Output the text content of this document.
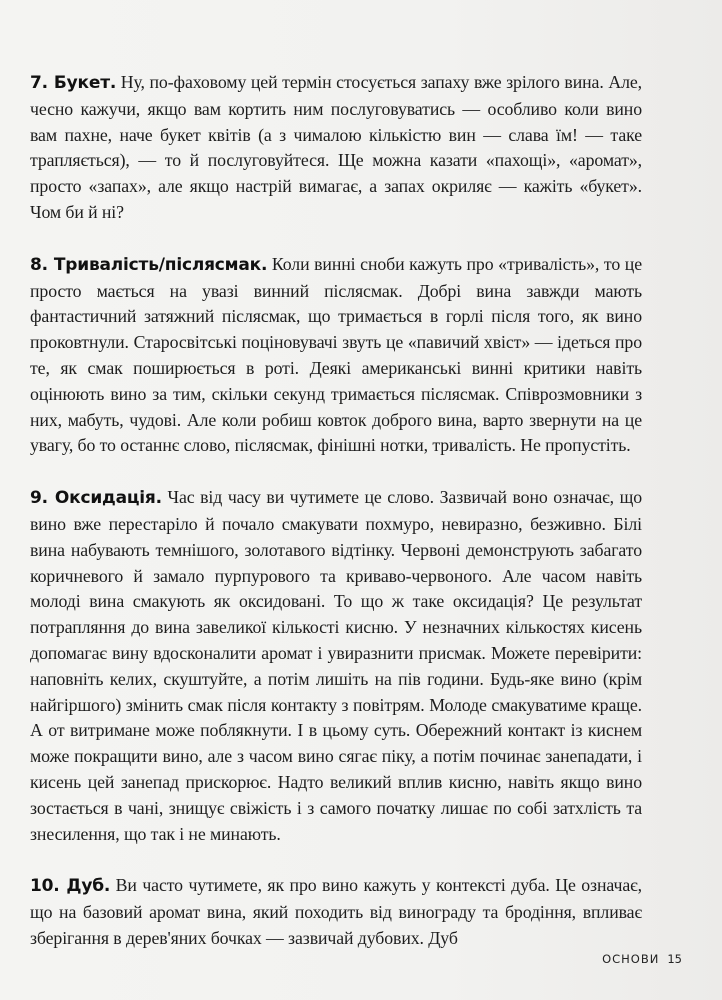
7. Букет. Ну, по-фаховому цей термін стосується запаху вже зрілого вина. Але, чесно кажучи, якщо вам кортить ним послуговуватись — особливо коли вино вам пахне, наче букет квітів (а з чималою кількістю вин — слава їм! — таке трапляється), — то й послуговуйтеся. Ще можна казати «пахощі», «аромат», просто «запах», але якщо настрій вимагає, а запах окриляє — кажіть «букет». Чом би й ні?

8. Тривалість/післясмак. Коли винні сноби кажуть про «тривалість», то це просто мається на увазі винний післясмак. Добрі вина завжди мають фантастичний затяжний післясмак, що тримається в горлі після того, як вино проковтнули. Старосвітські поціновувачі звуть це «павичий хвіст» — ідеться про те, як смак поширюється в роті. Деякі американські винні критики навіть оцінюють вино за тим, скільки секунд тримається післясмак. Співрозмовники з них, мабуть, чудові. Але коли робиш ковток доброго вина, варто звернути на це увагу, бо то останнє слово, післясмак, фінішні нотки, тривалість. Не пропустіть.

9. Оксидація. Час від часу ви чутимете це слово. Зазвичай воно означає, що вино вже перестаріло й почало смакувати похмуро, невиразно, безживно. Білі вина набувають темнішого, золотавого відтінку. Червоні демонструють забагато коричневого й замало пурпурового та криваво-червоного. Але часом навіть молоді вина смакують як оксидовані. То що ж таке оксидація? Це результат потрапляння до вина завеликої кількості кисню. У незначних кількостях кисень допомагає вину вдосконалити аромат і увиразнити присмак. Можете перевірити: наповніть келих, скуштуйте, а потім лишіть на пів години. Будь-яке вино (крім найгіршого) змінить смак після контакту з повітрям. Молоде смакуватиме краще. А от витримане може поблякнути. І в цьому суть. Обережний контакт із киснем може покращити вино, але з часом вино сягає піку, а потім починає занепадати, і кисень цей занепад прискорює. Надто великий вплив кисню, навіть якщо вино зостається в чані, знищує свіжість і з самого початку лишає по собі затхлість та знесилення, що так і не минають.

10. Дуб. Ви часто чутимете, як про вино кажуть у контексті дуба. Це означає, що на базовий аромат вина, який походить від винограду та бродіння, впливає зберігання в дерев'яних бочках — зазвичай дубових. Дуб

ОСНОВИ 15
